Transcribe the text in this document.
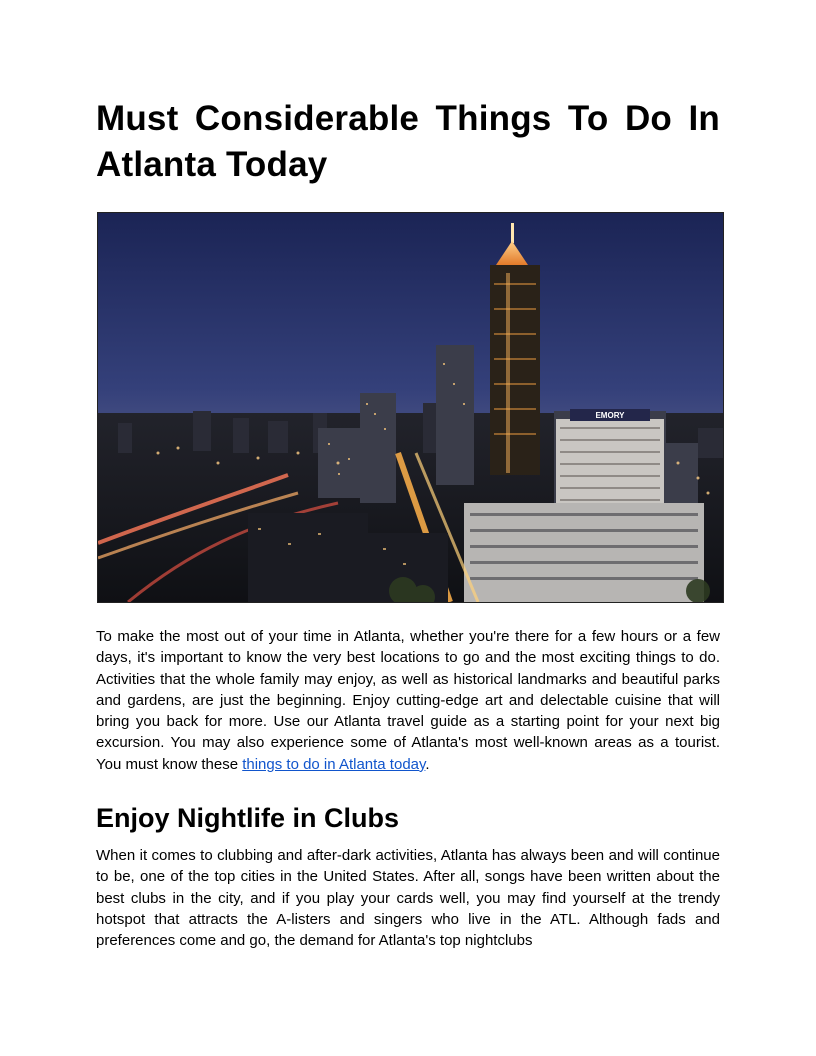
Must Considerable Things To Do In Atlanta Today
EMORY

To make the most out of your time in Atlanta, whether you're there for a few hours or a few days, it's important to know the very best locations to go and the most exciting things to do. Activities that the whole family may enjoy, as well as historical landmarks and beautiful parks and gardens, are just the beginning. Enjoy cutting-edge art and delectable cuisine that will bring you back for more. Use our Atlanta travel guide as a starting point for your next big excursion. You may also experience some of Atlanta's most well-known areas as a tourist. You must know these things to do in Atlanta today.

Enjoy Nightlife in Clubs

When it comes to clubbing and after-dark activities, Atlanta has always been and will continue to be, one of the top cities in the United States. After all, songs have been written about the best clubs in the city, and if you play your cards well, you may find yourself at the trendy hotspot that attracts the A-listers and singers who live in the ATL. Although fads and preferences come and go, the demand for Atlanta's top nightclubs
